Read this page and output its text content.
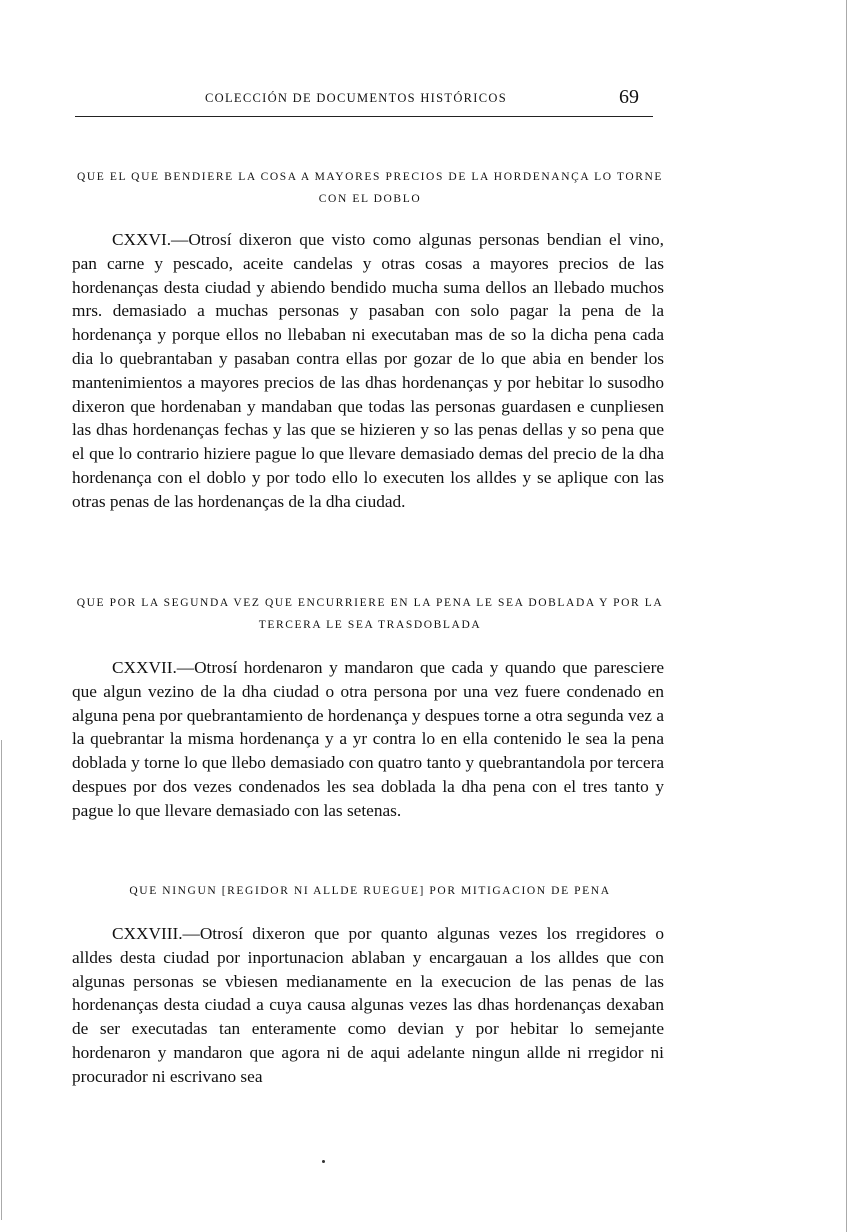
COLECCIÓN DE DOCUMENTOS HISTÓRICOS	69
QUE EL QUE BENDIERE LA COSA A MAYORES PRECIOS DE LA HORDENANÇA LO TORNE CON EL DOBLO

CXXVI.—Otrosí dixeron que visto como algunas personas bendian el vino, pan carne y pescado, aceite candelas y otras cosas a mayores precios de las hordenanças desta ciudad y abiendo bendido mucha suma dellos an llebado muchos mrs. demasiado a muchas personas y pasaban con solo pagar la pena de la hordenança y porque ellos no llebaban ni executaban mas de so la dicha pena cada dia lo quebrantaban y pasaban contra ellas por gozar de lo que abia en bender los mantenimientos a mayores precios de las dhas hordenanças y por hebitar lo susodho dixeron que hordenaban y mandaban que todas las personas guardasen e cunpliesen las dhas hordenanças fechas y las que se hizieren y so las penas dellas y so pena que el que lo contrario hiziere pague lo que llevare demasiado demas del precio de la dha hordenança con el doblo y por todo ello lo executen los alldes y se aplique con las otras penas de las hordenanças de la dha ciudad.

QUE POR LA SEGUNDA VEZ QUE ENCURRIERE EN LA PENA LE SEA DOBLADA Y POR LA TERCERA LE SEA TRASDOBLADA

CXXVII.—Otrosí hordenaron y mandaron que cada y quando que paresciere que algun vezino de la dha ciudad o otra persona por una vez fuere condenado en alguna pena por quebrantamiento de hordenança y despues torne a otra segunda vez a la quebrantar la misma hordenança y a yr contra lo en ella contenido le sea la pena doblada y torne lo que llebo demasiado con quatro tanto y quebrantandola por tercera despues por dos vezes condenados les sea doblada la dha pena con el tres tanto y pague lo que llevare demasiado con las setenas.

QUE NINGUN [REGIDOR NI ALLDE RUEGUE] POR MITIGACION DE PENA

CXXVIII.—Otrosí dixeron que por quanto algunas vezes los rregidores o alldes desta ciudad por inportunacion ablaban y encargauan a los alldes que con algunas personas se vbiesen medianamente en la execucion de las penas de las hordenanças desta ciudad a cuya causa algunas vezes las dhas hordenanças dexaban de ser executadas tan enteramente como devian y por hebitar lo semejante hordenaron y mandaron que agora ni de aqui adelante ningun allde ni rregidor ni procurador ni escrivano sea
